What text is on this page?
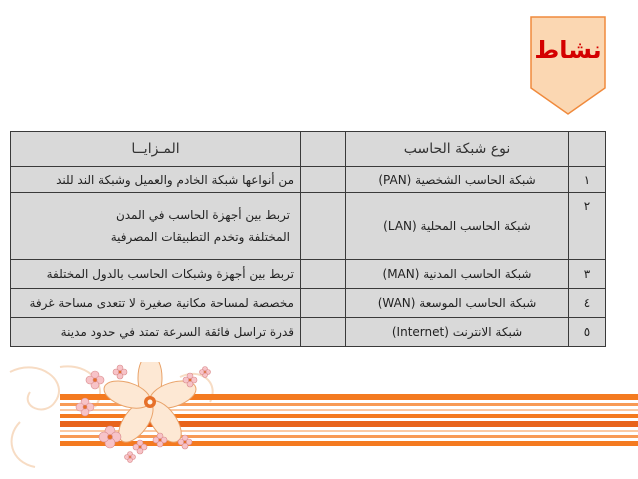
نشاط
	نوع شبكة الحاسب		المـزايــا
١	شبكة الحاسب الشخصية (PAN)		من أنواعها شبكة الخادم والعميل وشبكة الند للند
٢	شبكة الحاسب المحلية (LAN)		تربط بين أجهزة الحاسب في المدن المختلفة وتخدم التطبيقات المصرفية
٣	شبكة الحاسب المدنية (MAN)		تربط بين أجهزة وشبكات الحاسب بالدول المختلفة
٤	شبكة الحاسب الموسعة (WAN)		مخصصة لمساحة مكانية صغيرة لا تتعدى مساحة غرفة
٥	شبكة الانترنت (Internet)		قدرة تراسل فائقة السرعة تمتد في حدود مدينة
